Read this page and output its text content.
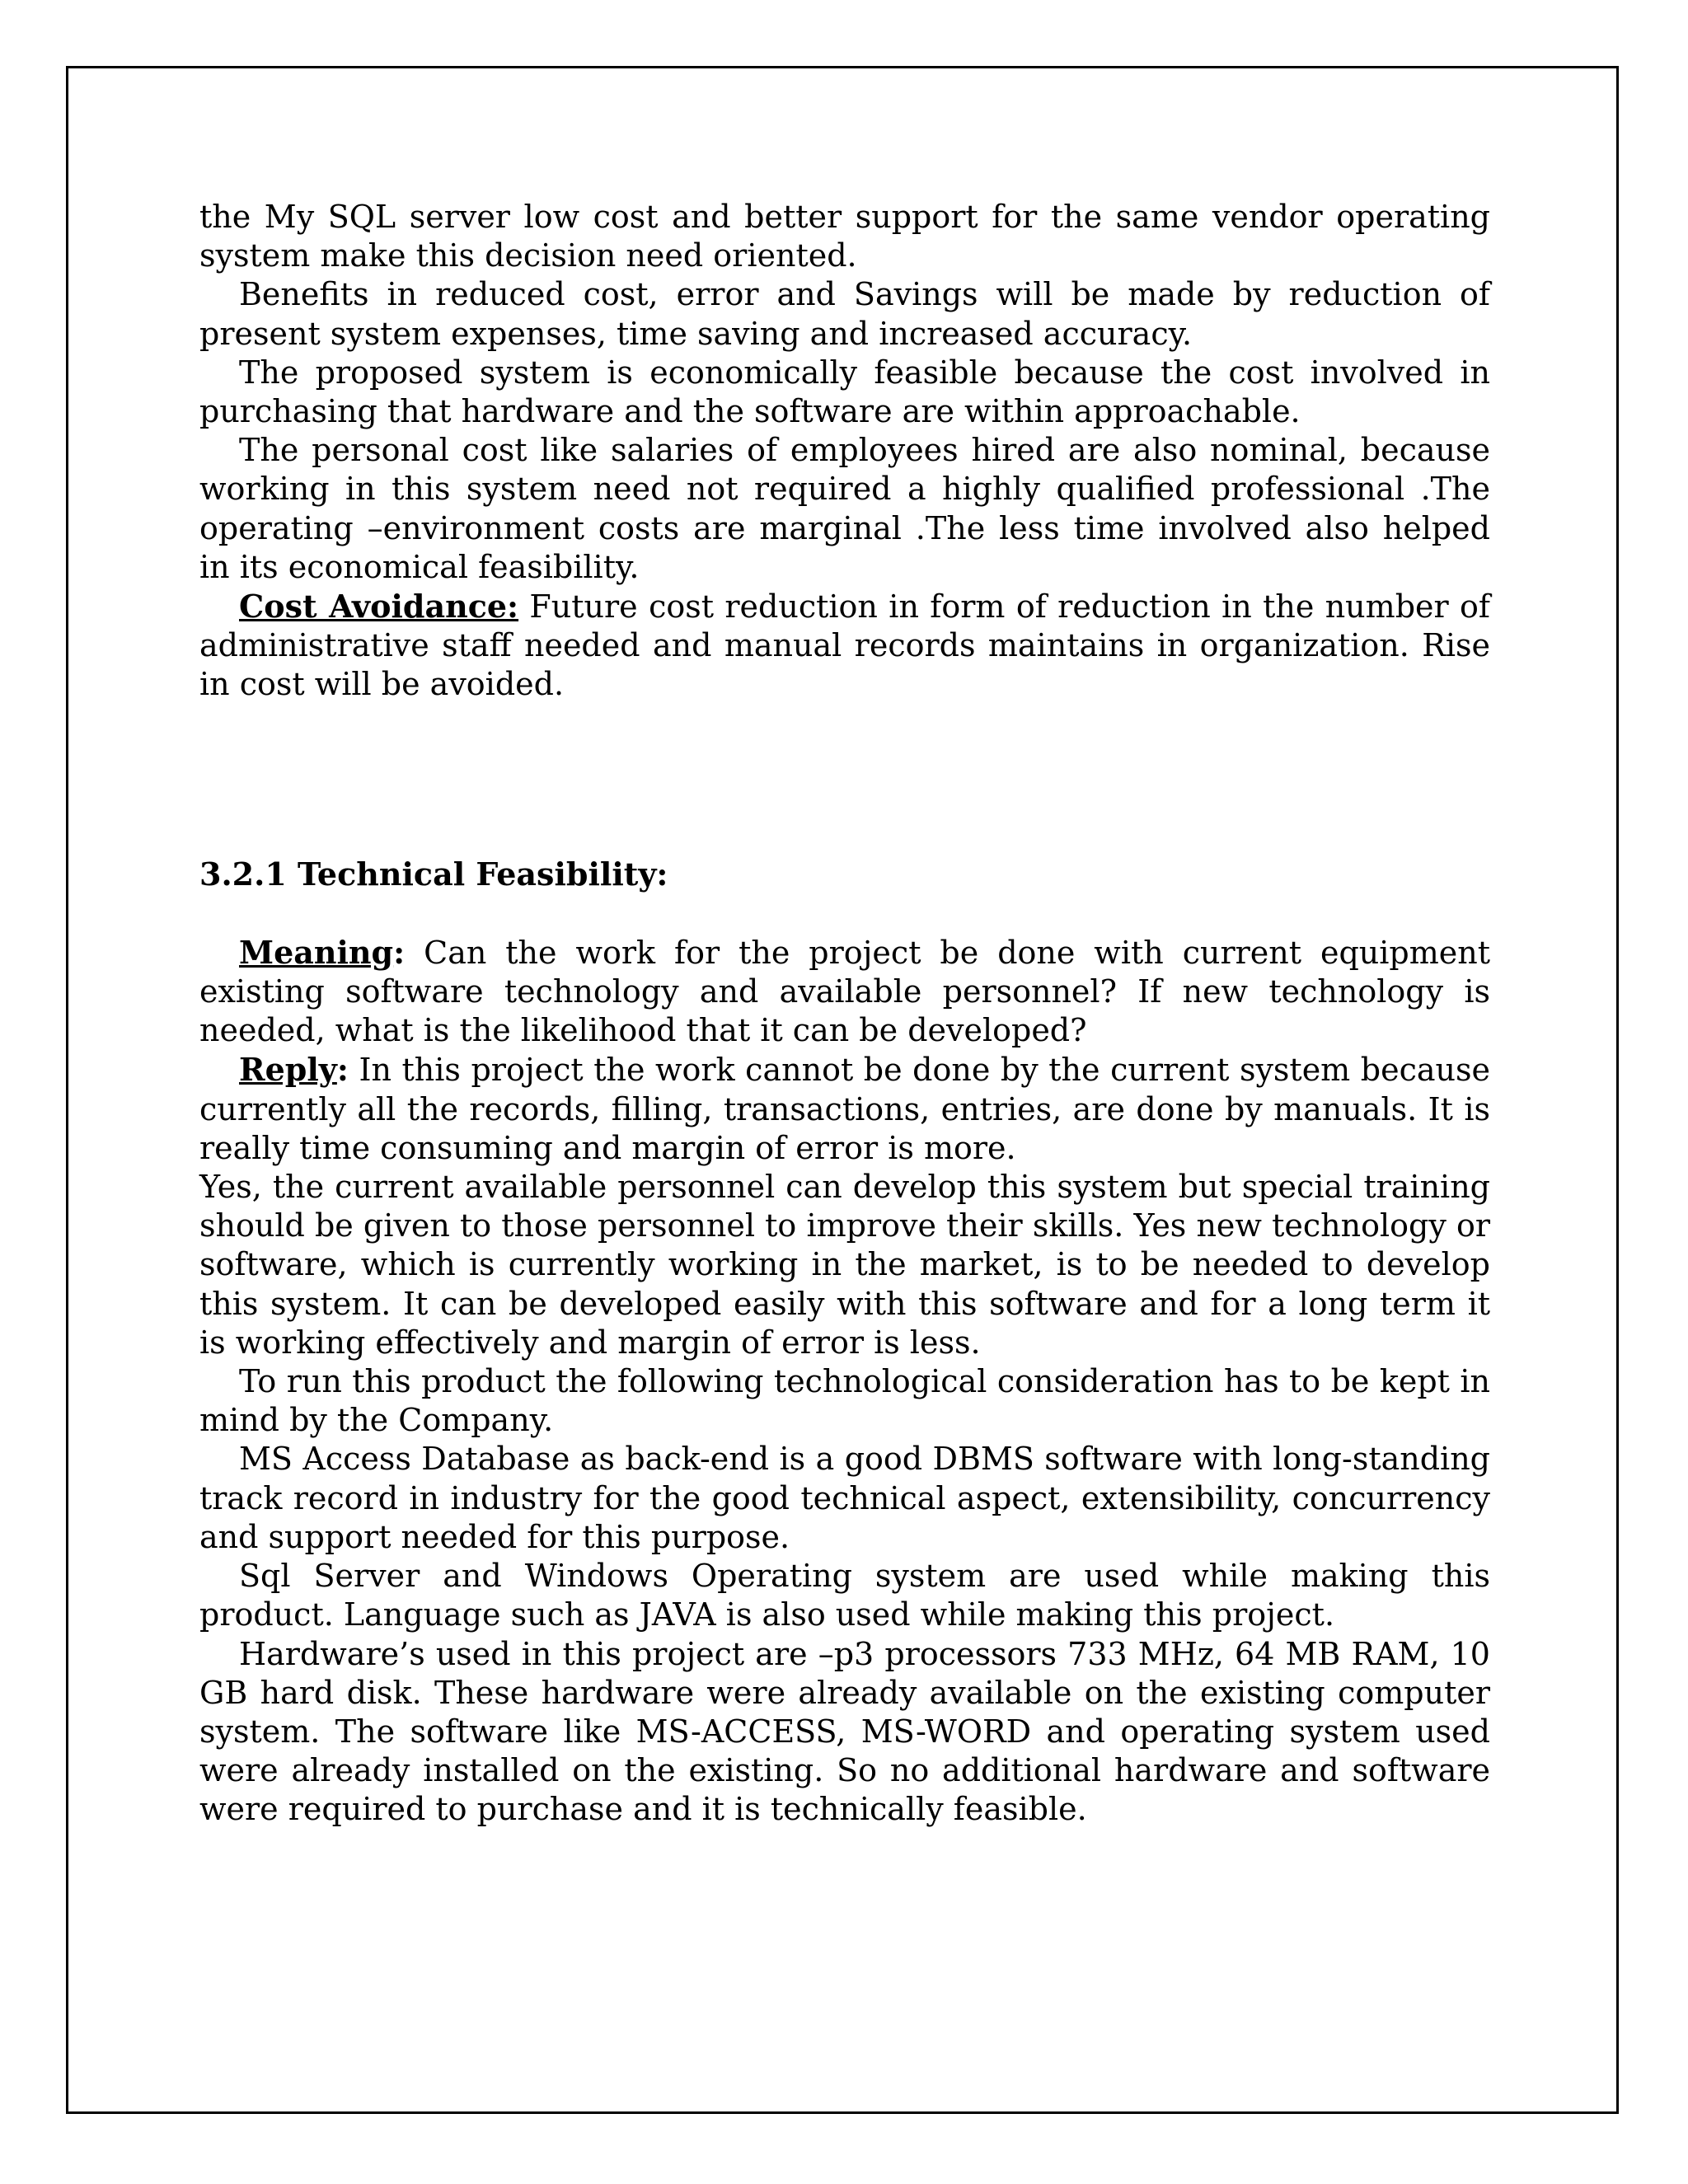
the My SQL server low cost and better support for the same vendor operating system make this decision need oriented.

Benefits in reduced cost, error and Savings will be made by reduction of present system expenses, time saving and increased accuracy.

The proposed system is economically feasible because the cost involved in purchasing that hardware and the software are within approachable.

The personal cost like salaries of employees hired are also nominal, because working in this system need not required a highly qualified professional .The operating –environment costs are marginal .The less time involved also helped in its economical feasibility.

Cost Avoidance: Future cost reduction in form of reduction in the number of administrative staff needed and manual records maintains in organization. Rise in cost will be avoided.

3.2.1 Technical Feasibility:

Meaning: Can the work for the project be done with current equipment existing software technology and available personnel? If new technology is needed, what is the likelihood that it can be developed?

Reply: In this project the work cannot be done by the current system because currently all the records, filling, transactions, entries, are done by manuals. It is really time consuming and margin of error is more.

Yes, the current available personnel can develop this system but special training should be given to those personnel to improve their skills. Yes new technology or software, which is currently working in the market, is to be needed to develop this system. It can be developed easily with this software and for a long term it is working effectively and margin of error is less.

To run this product the following technological consideration has to be kept in mind by the Company.

MS Access Database as back-end is a good DBMS software with long-standing track record in industry for the good technical aspect, extensibility, concurrency and support needed for this purpose.

Sql Server and Windows Operating system are used while making this product. Language such as JAVA is also used while making this project.

Hardware’s used in this project are –p3 processors 733 MHz, 64 MB RAM, 10 GB hard disk. These hardware were already available on the existing computer system. The software like MS-ACCESS, MS-WORD and operating system used were already installed on the existing. So no additional hardware and software were required to purchase and it is technically feasible.
